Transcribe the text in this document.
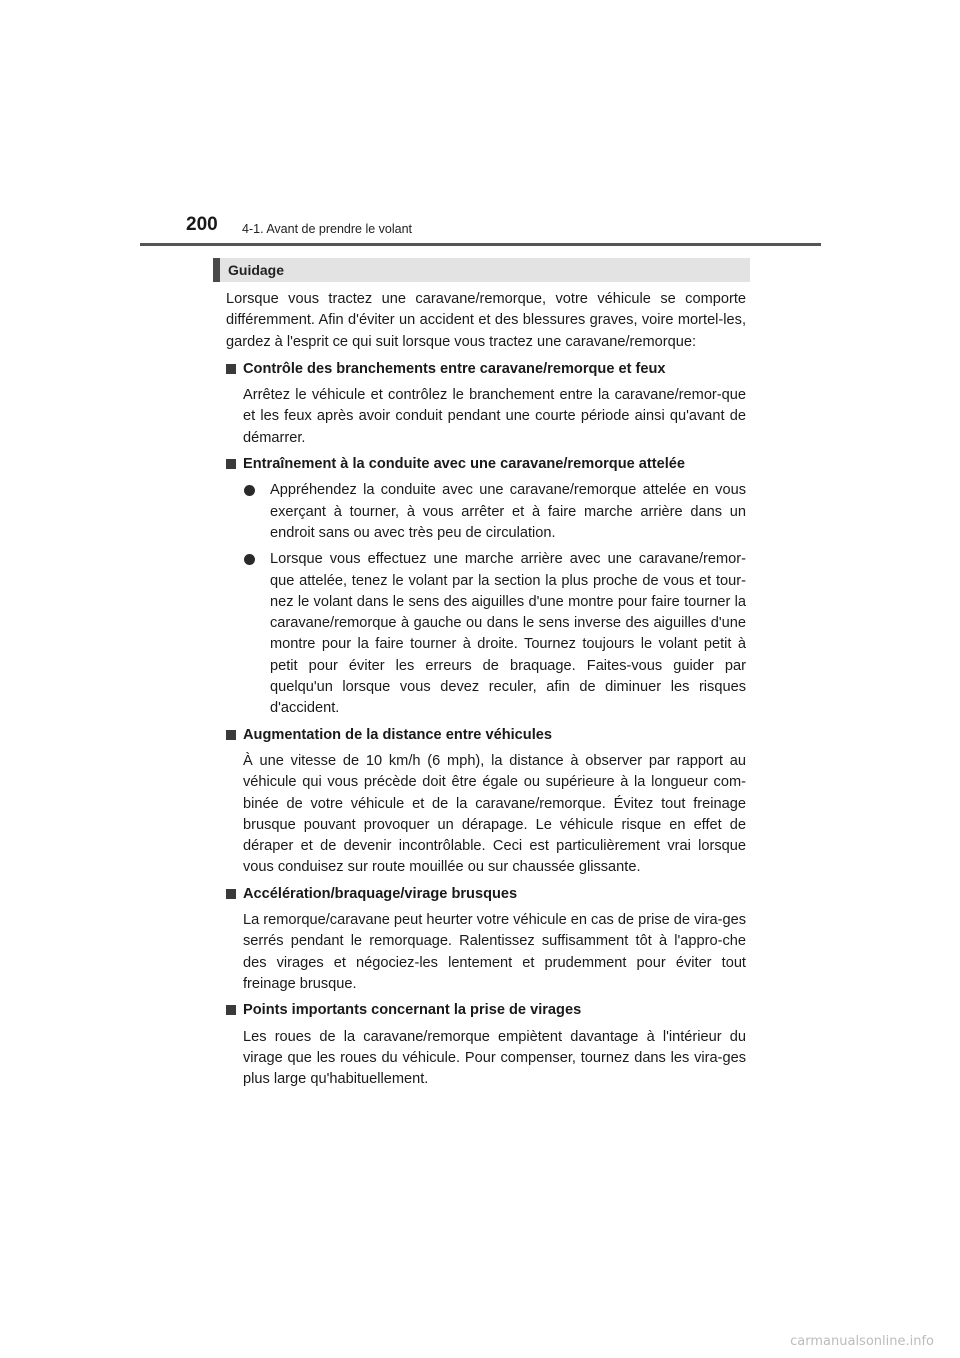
200 4-1. Avant de prendre le volant
Guidage

Lorsque vous tractez une caravane/remorque, votre véhicule se comporte différemment. Afin d'éviter un accident et des blessures graves, voire mortel-les, gardez à l'esprit ce qui suit lorsque vous tractez une caravane/remorque:

Contrôle des branchements entre caravane/remorque et feux

Arrêtez le véhicule et contrôlez le branchement entre la caravane/remor-que et les feux après avoir conduit pendant une courte période ainsi qu'avant de démarrer.

Entraînement à la conduite avec une caravane/remorque attelée
Appréhendez la conduite avec une caravane/remorque attelée en vous exerçant à tourner, à vous arrêter et à faire marche arrière dans un endroit sans ou avec très peu de circulation.
Lorsque vous effectuez une marche arrière avec une caravane/remor-que attelée, tenez le volant par la section la plus proche de vous et tour-nez le volant dans le sens des aiguilles d'une montre pour faire tourner la caravane/remorque à gauche ou dans le sens inverse des aiguilles d'une montre pour la faire tourner à droite. Tournez toujours le volant petit à petit pour éviter les erreurs de braquage. Faites-vous guider par quelqu'un lorsque vous devez reculer, afin de diminuer les risques d'accident.
Augmentation de la distance entre véhicules

À une vitesse de 10 km/h (6 mph), la distance à observer par rapport au véhicule qui vous précède doit être égale ou supérieure à la longueur com-binée de votre véhicule et de la caravane/remorque. Évitez tout freinage brusque pouvant provoquer un dérapage. Le véhicule risque en effet de déraper et de devenir incontrôlable. Ceci est particulièrement vrai lorsque vous conduisez sur route mouillée ou sur chaussée glissante.

Accélération/braquage/virage brusques

La remorque/caravane peut heurter votre véhicule en cas de prise de vira-ges serrés pendant le remorquage. Ralentissez suffisamment tôt à l'appro-che des virages et négociez-les lentement et prudemment pour éviter tout freinage brusque.

Points importants concernant la prise de virages

Les roues de la caravane/remorque empiètent davantage à l'intérieur du virage que les roues du véhicule. Pour compenser, tournez dans les vira-ges plus large qu'habituellement.

carmanualsonline.info
